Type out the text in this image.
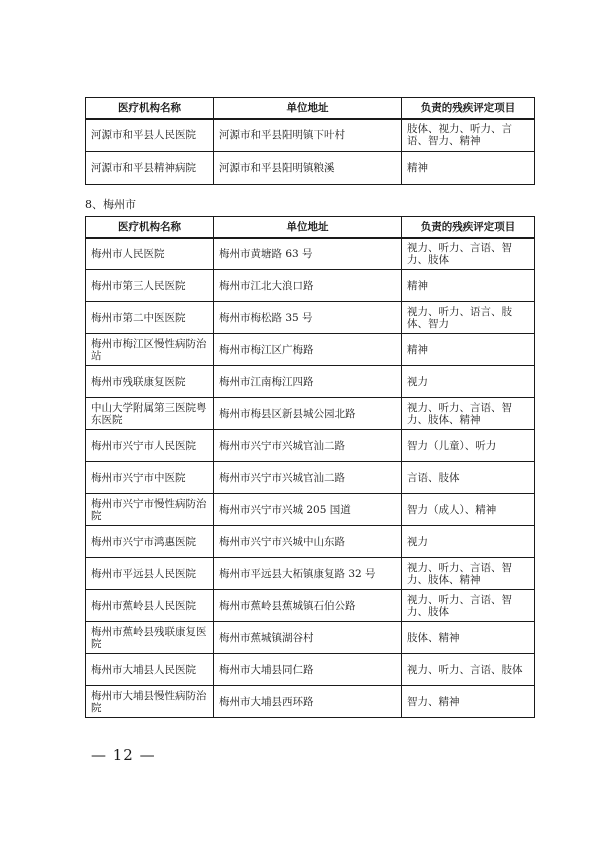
医疗机构名称	单位地址	负责的残疾评定项目
河源市和平县人民医院	河源市和平县阳明镇下叶村	肢体、视力、听力、言语、智力、精神
河源市和平县精神病院	河源市和平县阳明镇粮溪	精神
8、梅州市
医疗机构名称	单位地址	负责的残疾评定项目
梅州市人民医院	梅州市黄塘路 63 号	视力、听力、言语、智力、肢体
梅州市第三人民医院	梅州市江北大浪口路	精神
梅州市第二中医医院	梅州市梅松路 35 号	视力、听力、语言、肢体、智力
梅州市梅江区慢性病防治站	梅州市梅江区广梅路	精神
梅州市残联康复医院	梅州市江南梅江四路	视力
中山大学附属第三医院粤东医院	梅州市梅县区新县城公园北路	视力、听力、言语、智力、肢体、精神
梅州市兴宁市人民医院	梅州市兴宁市兴城官汕二路	智力（儿童）、听力
梅州市兴宁市中医院	梅州市兴宁市兴城官汕二路	言语、肢体
梅州市兴宁市慢性病防治院	梅州市兴宁市兴城 205 国道	智力（成人）、精神
梅州市兴宁市鸿惠医院	梅州市兴宁市兴城中山东路	视力
梅州市平远县人民医院	梅州市平远县大柘镇康复路 32 号	视力、听力、言语、智力、肢体、精神
梅州市蕉岭县人民医院	梅州市蕉岭县蕉城镇石伯公路	视力、听力、言语、智力、肢体
梅州市蕉岭县残联康复医院	梅州市蕉城镇湖谷村	肢体、精神
梅州市大埔县人民医院	梅州市大埔县同仁路	视力、听力、言语、肢体
梅州市大埔县慢性病防治院	梅州市大埔县西环路	智力、精神
— 12 —
